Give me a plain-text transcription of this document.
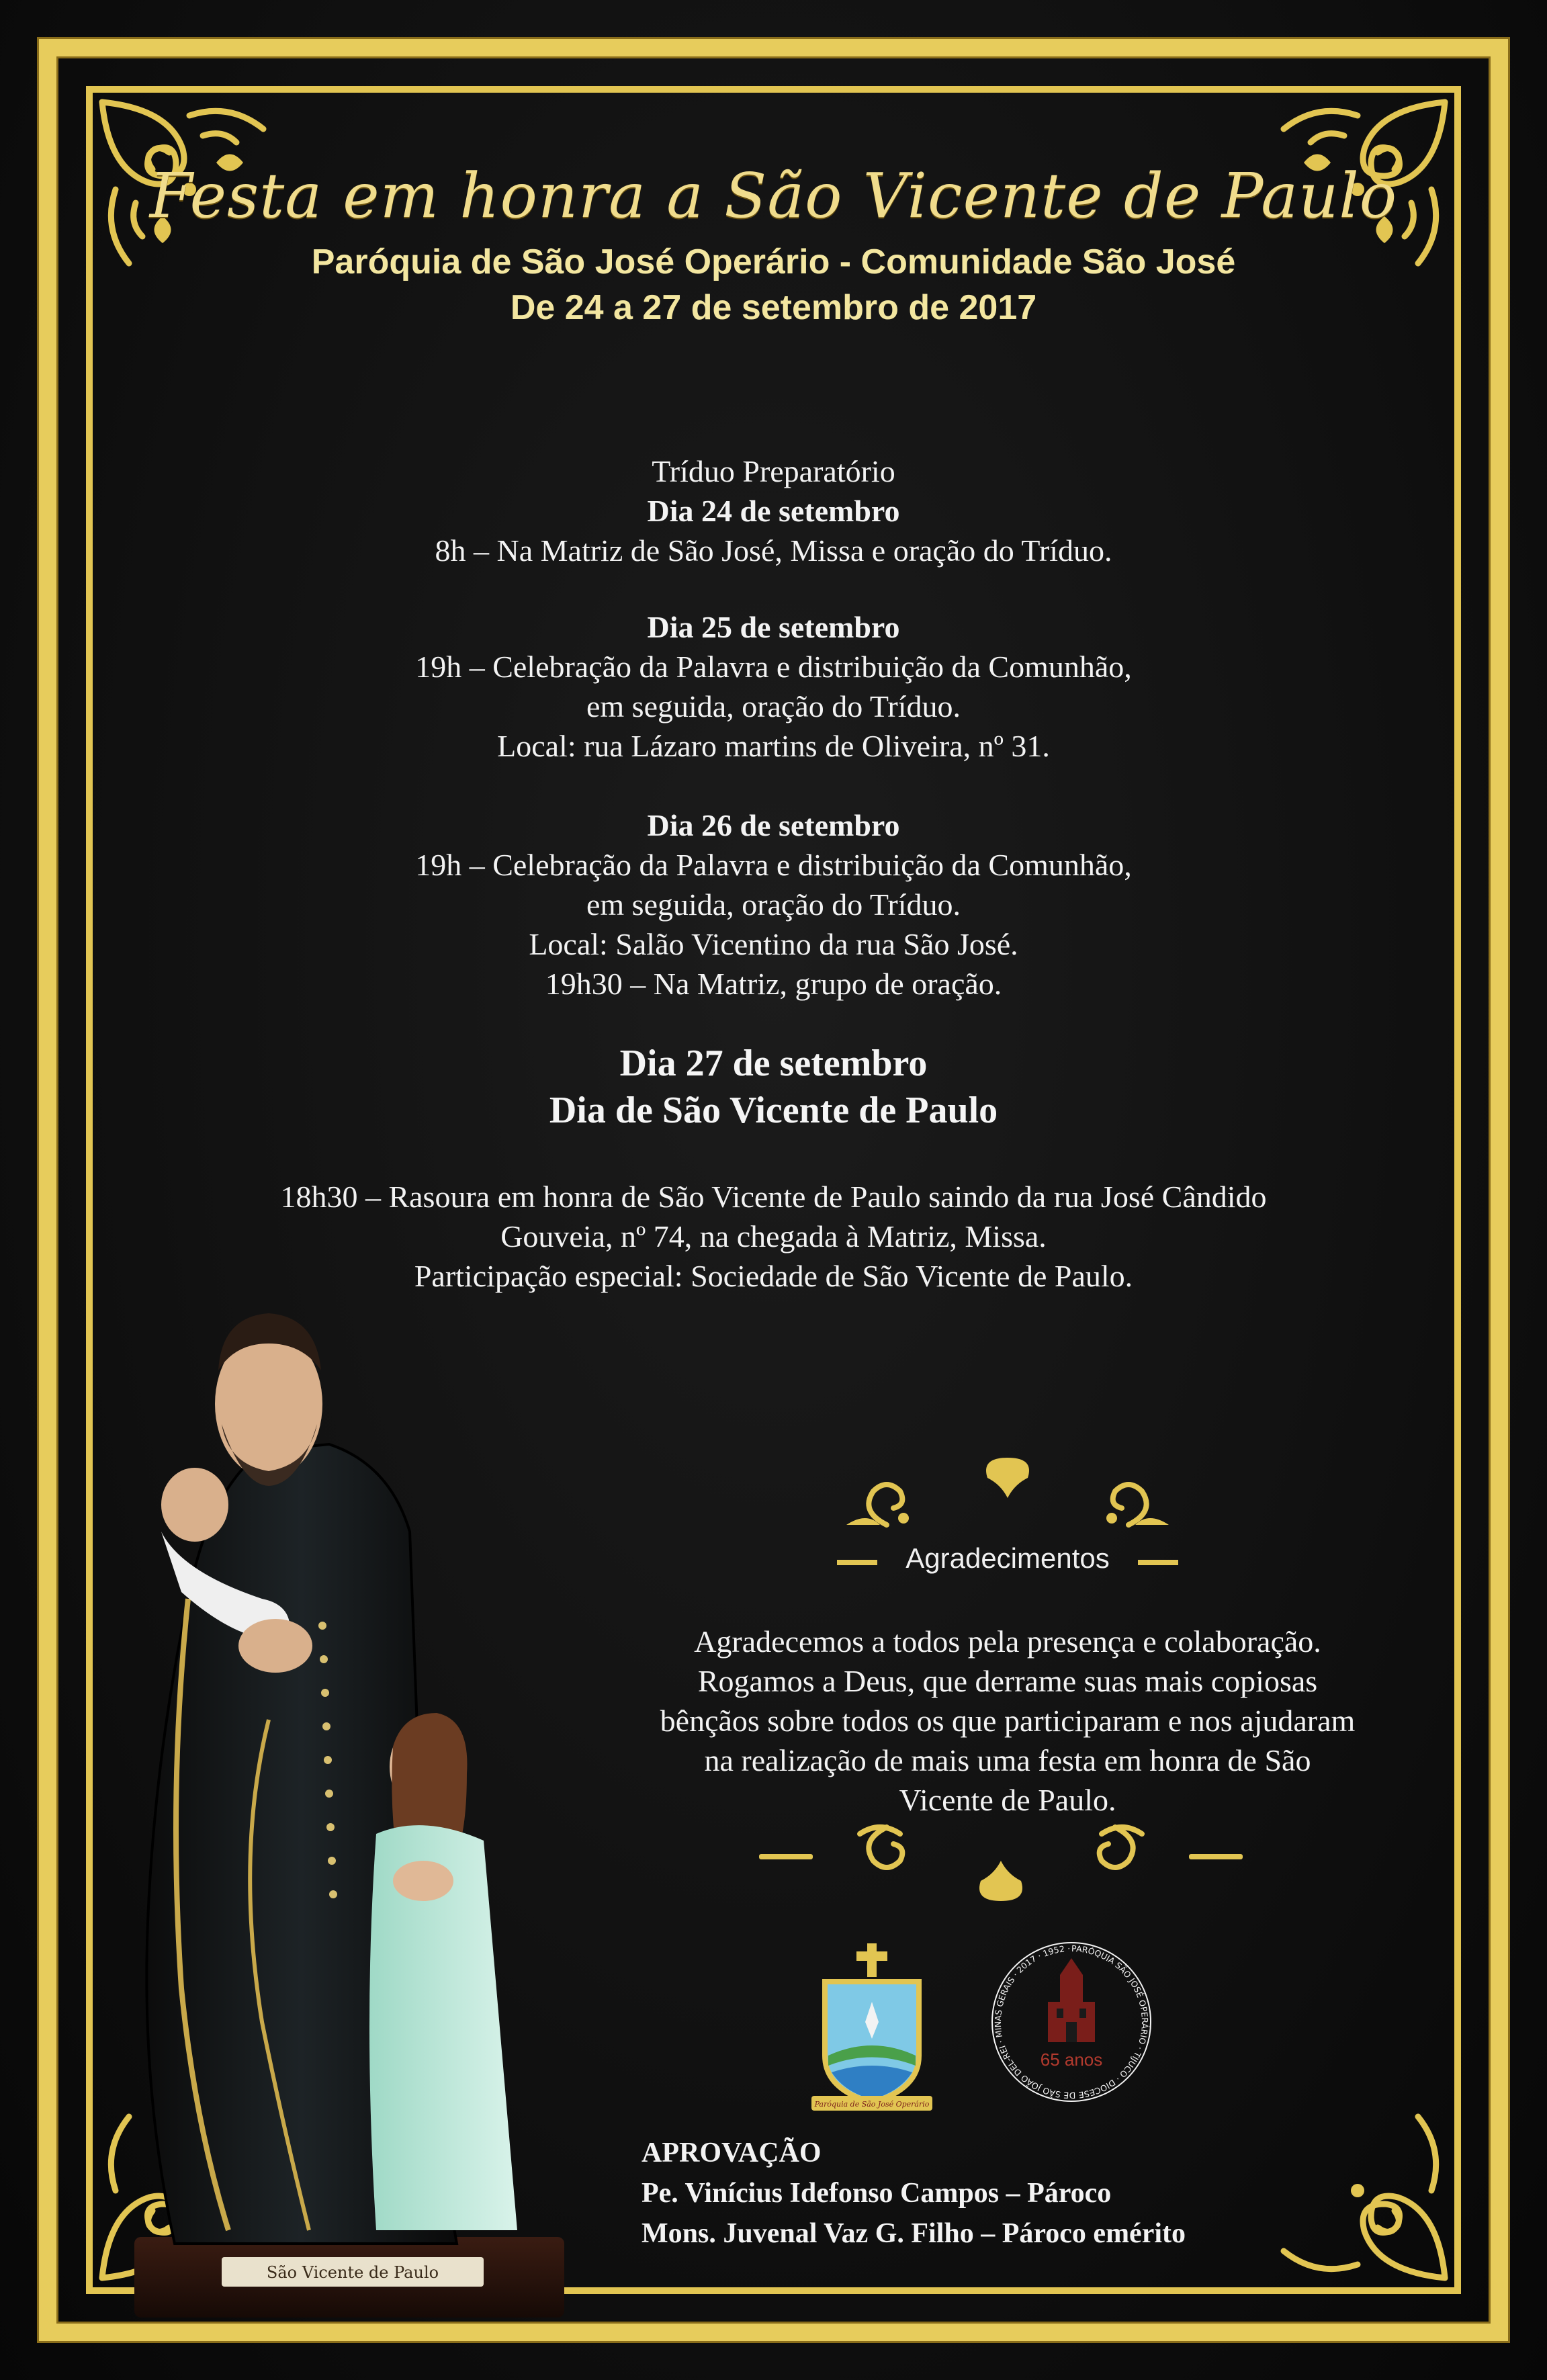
Festa em honra a São Vicente de Paulo
Paróquia de São José Operário - Comunidade São José
De 24 a 27 de setembro de 2017
Tríduo Preparatório
Dia 24 de setembro
8h – Na Matriz de São José, Missa e oração do Tríduo.
Dia 25 de setembro
19h – Celebração da Palavra e distribuição da Comunhão,
em seguida, oração do Tríduo.
Local: rua Lázaro martins de Oliveira, nº 31.
Dia 26 de setembro
19h – Celebração da Palavra e distribuição da Comunhão,
em seguida, oração do Tríduo.
Local: Salão Vicentino da rua São José.
19h30 – Na Matriz, grupo de oração.
Dia 27 de setembro
Dia de São Vicente de Paulo
18h30 – Rasoura em honra de São Vicente de Paulo saindo da rua José Cândido
Gouveia, nº 74, na chegada à Matriz, Missa.
Participação especial: Sociedade de São Vicente de Paulo.
São Vicente de Paulo
Agradecimentos
Agradecemos a todos pela presença e colaboração.
Rogamos a Deus, que derrame suas mais copiosas
bênçãos sobre todos os que participaram e nos ajudaram
na realização de mais uma festa em honra de São
Vicente de Paulo.
Paróquia de São José Operário
PARÓQUIA SÃO JOSÉ OPERÁRIO · TIJUCO · DIOCESE DE SÃO JOÃO DEL-REI · MINAS GERAIS · 2017 · 1952 ·
65 anos
APROVAÇÃO
Pe. Vinícius Idefonso Campos – Pároco
Mons. Juvenal Vaz G. Filho – Pároco emérito
